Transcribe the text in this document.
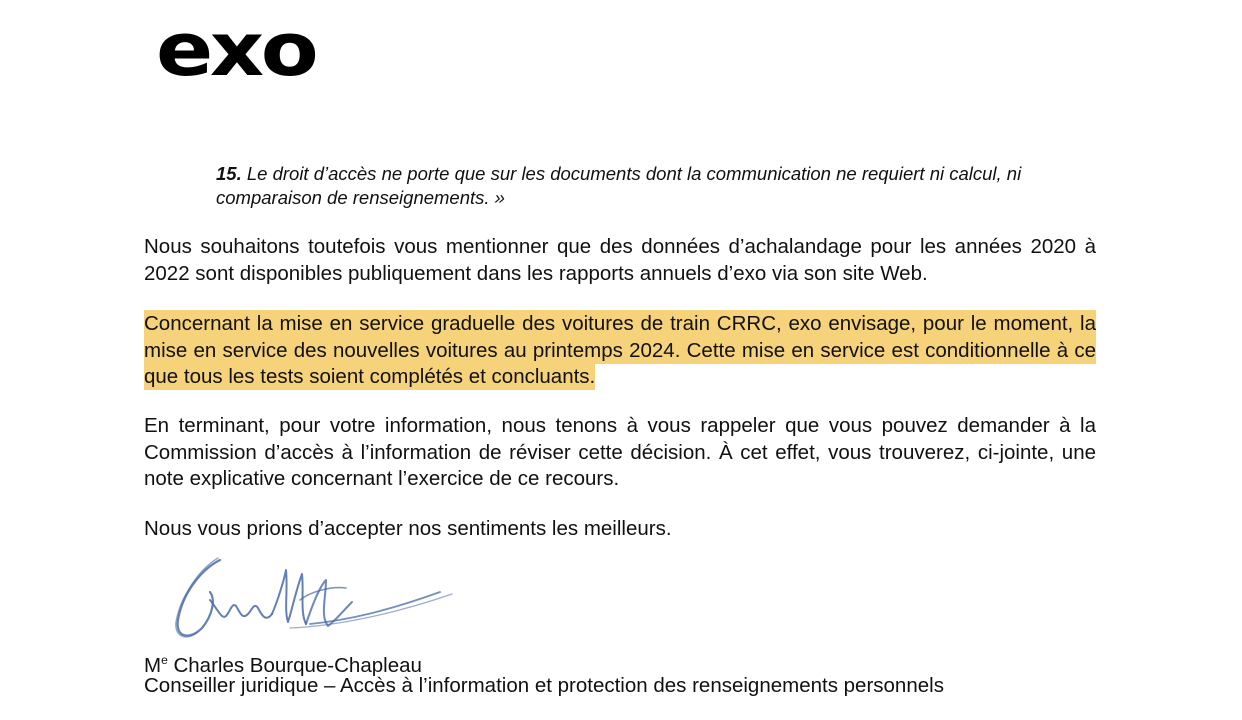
exo
15. Le droit d’accès ne porte que sur les documents dont la communication ne requiert ni calcul, ni comparaison de renseignements. »
Nous souhaitons toutefois vous mentionner que des données d’achalandage pour les années 2020 à 2022 sont disponibles publiquement dans les rapports annuels d’exo via son site Web.
Concernant la mise en service graduelle des voitures de train CRRC, exo envisage, pour le moment, la mise en service des nouvelles voitures au printemps 2024. Cette mise en service est conditionnelle à ce que tous les tests soient complétés et concluants.
En terminant, pour votre information, nous tenons à vous rappeler que vous pouvez demander à la Commission d’accès à l’information de réviser cette décision. À cet effet, vous trouverez, ci-jointe, une note explicative concernant l’exercice de ce recours.
Nous vous prions d’accepter nos sentiments les meilleurs.
Me Charles Bourque-Chapleau
Conseiller juridique – Accès à l’information et protection des renseignements personnels
